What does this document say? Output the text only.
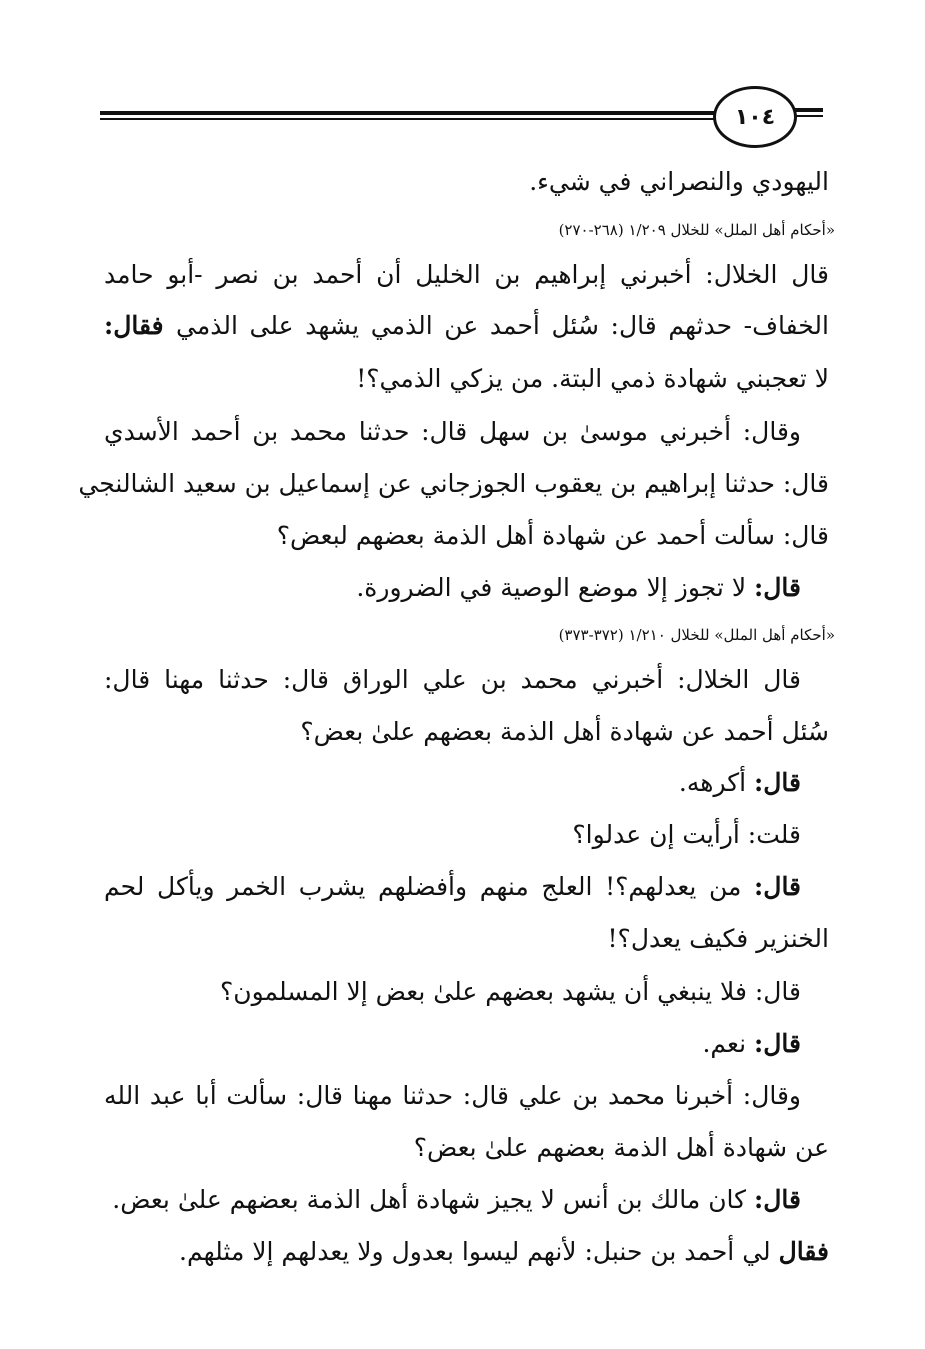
١٠٤
اليهودي والنصراني في شيء.
«أحكام أهل الملل» للخلال ١/٢٠٩ (٢٦٨-٢٧٠)
قال الخلال: أخبرني إبراهيم بن الخليل أن أحمد بن نصر -أبو حامد
الخفاف- حدثهم قال: سُئل أحمد عن الذمي يشهد على الذمي فقال:
لا تعجبني شهادة ذمي البتة. من يزكي الذمي؟!
وقال: أخبرني موسىٰ بن سهل قال: حدثنا محمد بن أحمد الأسدي
قال: حدثنا إبراهيم بن يعقوب الجوزجاني عن إسماعيل بن سعيد الشالنجي
قال: سألت أحمد عن شهادة أهل الذمة بعضهم لبعض؟
قال: لا تجوز إلا موضع الوصية في الضرورة.
«أحكام أهل الملل» للخلال ١/٢١٠ (٣٧٢-٣٧٣)
قال الخلال: أخبرني محمد بن علي الوراق قال: حدثنا مهنا قال:
سُئل أحمد عن شهادة أهل الذمة بعضهم علىٰ بعض؟
قال: أكرهه.
قلت: أرأيت إن عدلوا؟
قال: من يعدلهم؟! العلج منهم وأفضلهم يشرب الخمر ويأكل لحم
الخنزير فكيف يعدل؟!
قال: فلا ينبغي أن يشهد بعضهم علىٰ بعض إلا المسلمون؟
قال: نعم.
وقال: أخبرنا محمد بن علي قال: حدثنا مهنا قال: سألت أبا عبد الله
عن شهادة أهل الذمة بعضهم علىٰ بعض؟
قال: كان مالك بن أنس لا يجيز شهادة أهل الذمة بعضهم علىٰ بعض.
فقال لي أحمد بن حنبل: لأنهم ليسوا بعدول ولا يعدلهم إلا مثلهم.
